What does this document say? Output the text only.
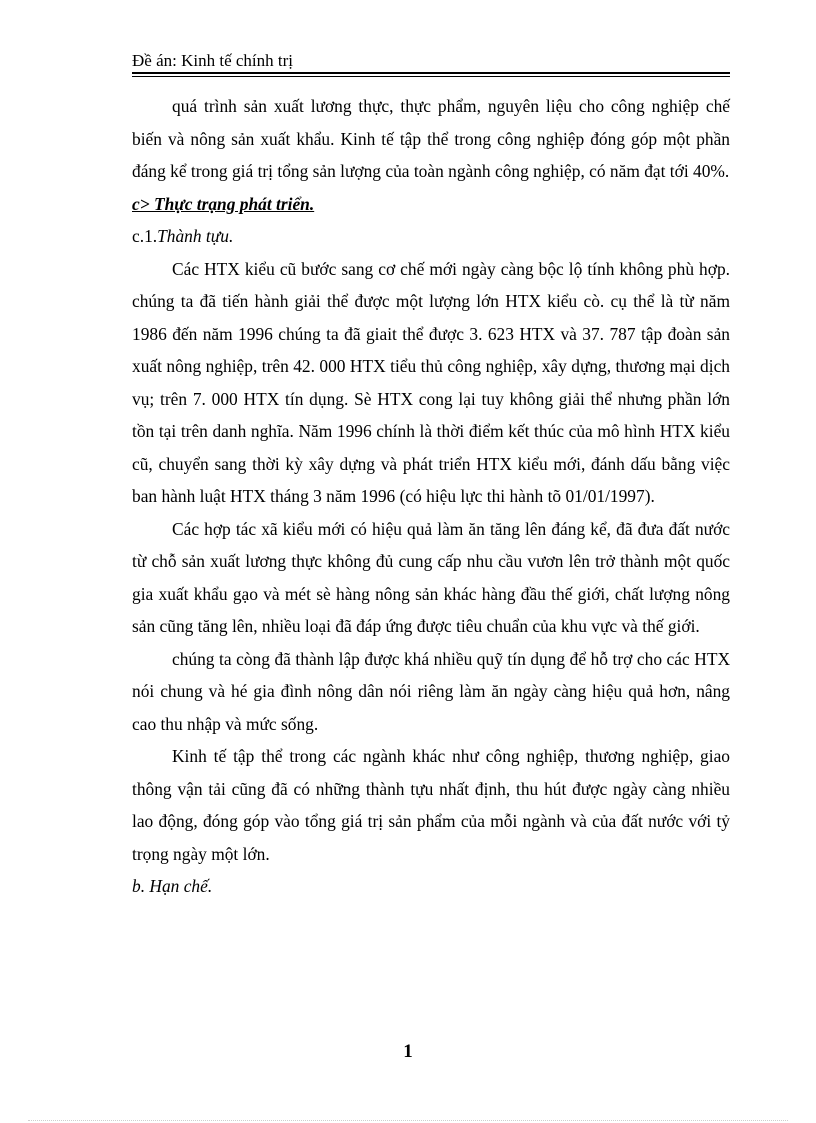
Đề án: Kinh tế chính trị

quá trình sản xuất lương thực, thực phẩm, nguyên liệu cho công nghiệp chế biến và nông sản xuất khẩu. Kinh tế tập thể trong công nghiệp đóng góp một phần đáng kể trong giá trị tổng sản lượng của toàn ngành công nghiệp, có năm đạt tới 40%.

c> Thực trạng phát triển.

c.1.Thành tựu.

Các HTX kiểu cũ bước sang cơ chế mới ngày càng bộc lộ tính không phù hợp. chúng ta đã tiến hành giải thể được một lượng lớn HTX kiểu cò. cụ thể là từ năm 1986 đến năm 1996 chúng ta đã giait thể được 3. 623 HTX và 37. 787 tập đoàn sản xuất nông nghiệp, trên 42. 000 HTX tiểu thủ công nghiệp, xây dựng, thương mại dịch vụ; trên 7. 000 HTX tín dụng. Sè HTX cong lại tuy không giải thể nhưng phần lớn tồn tại trên danh nghĩa. Năm 1996 chính là thời điểm kết thúc của mô hình HTX kiểu cũ, chuyển sang thời kỳ xây dựng và phát triển HTX kiểu mới, đánh dấu bằng việc ban hành luật HTX tháng 3 năm 1996 (có hiệu lực thi hành tõ 01/01/1997).

Các hợp tác xã kiểu mới có hiệu quả làm ăn tăng lên đáng kể, đã đưa đất nước từ chỗ sản xuất lương thực không đủ cung cấp nhu cầu vươn lên trở thành một quốc gia xuất khẩu gạo và mét sè hàng nông sản khác hàng đầu thế giới, chất lượng nông sản cũng tăng lên, nhiều loại đã đáp ứng được tiêu chuẩn của khu vực và thế giới.

chúng ta còng đã thành lập được khá nhiều quỹ tín dụng để hỗ trợ cho các HTX nói chung và hé gia đình nông dân nói riêng làm ăn ngày càng hiệu quả hơn, nâng cao thu nhập và mức sống.

Kinh tế tập thể trong các ngành khác như công nghiệp, thương nghiệp, giao thông vận tải cũng đã có những thành tựu nhất định, thu hút được ngày càng nhiều lao động, đóng góp vào tổng giá trị sản phẩm của mỗi ngành và của đất nước với tỷ trọng ngày một lớn.

b. Hạn chế.

1
